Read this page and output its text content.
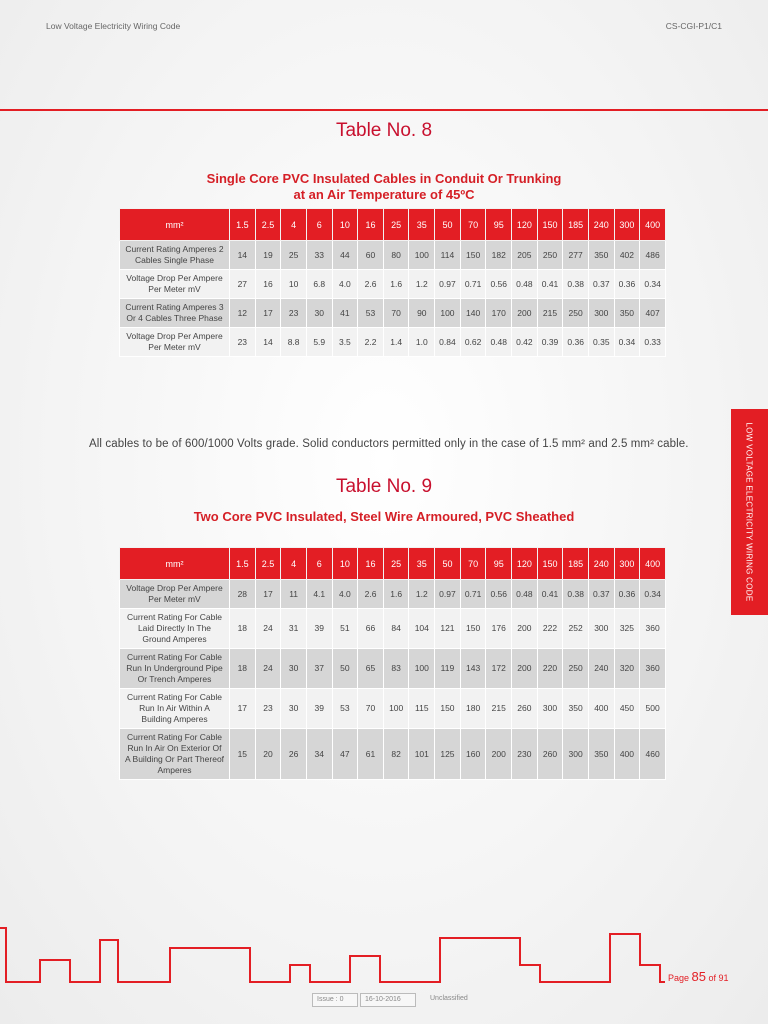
Low Voltage Electricity Wiring Code	CS-CGI-P1/C1
Table No. 8
Single Core PVC Insulated Cables in Conduit Or Trunking
at an Air Temperature of 45ºC
mm²	1.5	2.5	4	6	10	16	25	35	50	70	95	120	150	185	240	300	400
Current Rating Amperes 2 Cables Single Phase	14	19	25	33	44	60	80	100	114	150	182	205	250	277	350	402	486
Voltage Drop Per Ampere Per Meter mV	27	16	10	6.8	4.0	2.6	1.6	1.2	0.97	0.71	0.56	0.48	0.41	0.38	0.37	0.36	0.34
Current Rating Amperes 3 Or 4 Cables Three Phase	12	17	23	30	41	53	70	90	100	140	170	200	215	250	300	350	407
Voltage Drop Per Ampere Per Meter mV	23	14	8.8	5.9	3.5	2.2	1.4	1.0	0.84	0.62	0.48	0.42	0.39	0.36	0.35	0.34	0.33
All cables to be of 600/1000 Volts grade. Solid conductors permitted only in the case of 1.5 mm² and 2.5 mm² cable.
Table No. 9
Two Core PVC Insulated, Steel Wire Armoured, PVC Sheathed
mm²	1.5	2.5	4	6	10	16	25	35	50	70	95	120	150	185	240	300	400
Voltage Drop Per Ampere Per Meter mV	28	17	11	4.1	4.0	2.6	1.6	1.2	0.97	0.71	0.56	0.48	0.41	0.38	0.37	0.36	0.34
Current Rating For Cable Laid Directly In The Ground Amperes	18	24	31	39	51	66	84	104	121	150	176	200	222	252	300	325	360
Current Rating For Cable Run In Underground Pipe Or Trench Amperes	18	24	30	37	50	65	83	100	119	143	172	200	220	250	240	320	360
Current Rating For Cable Run In Air Within A Building Amperes	17	23	30	39	53	70	100	115	150	180	215	260	300	350	400	450	500
Current Rating For Cable Run In Air On Exterior Of A Building Or Part Thereof Amperes	15	20	26	34	47	61	82	101	125	160	200	230	260	300	350	400	460
LOW VOLTAGE ELECTRICITY WIRING CODE
Page 85 of 91
Issue : 0	16-10-2016	Unclassified
